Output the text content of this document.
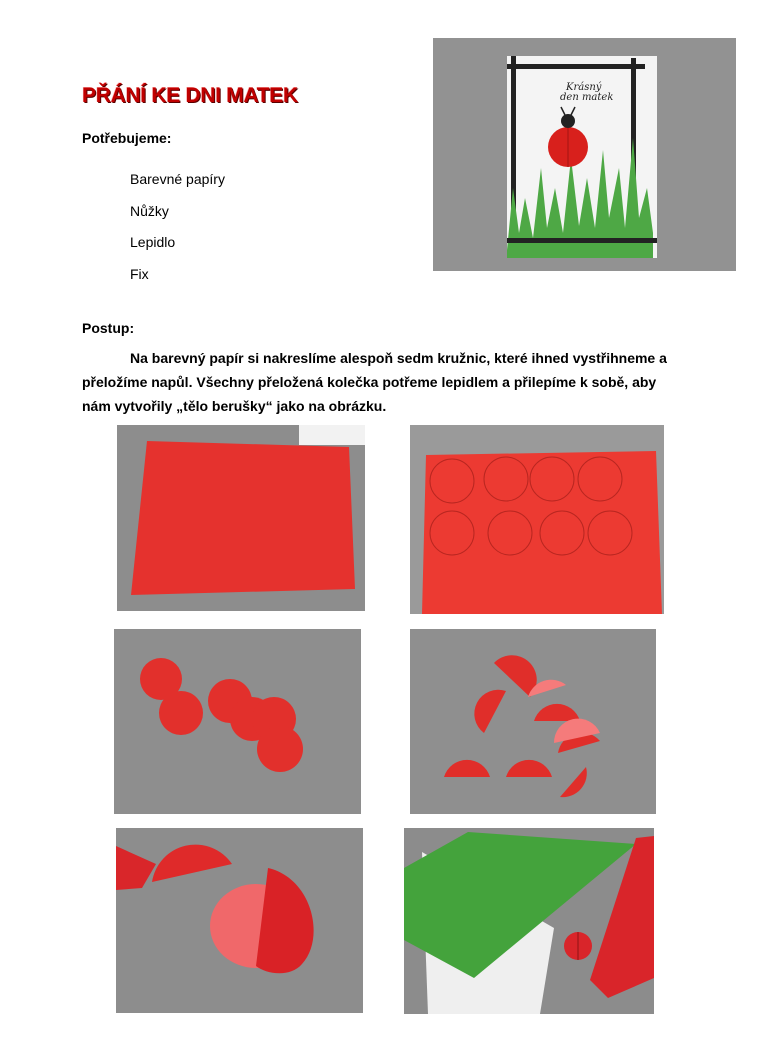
PŘÁNÍ KE DNI MATEK
Potřebujeme:
Barevné papíry
Nůžky
Lepidlo
Fix
Postup:

Na barevný papír si nakreslíme alespoň sedm kružnic, které ihned vystřihneme a přeložíme napůl. Všechny přeložená kolečka potřeme lepidlem a přilepíme k sobě, aby nám vytvořily „tělo berušky“ jako na obrázku.

Krásný
den matek
